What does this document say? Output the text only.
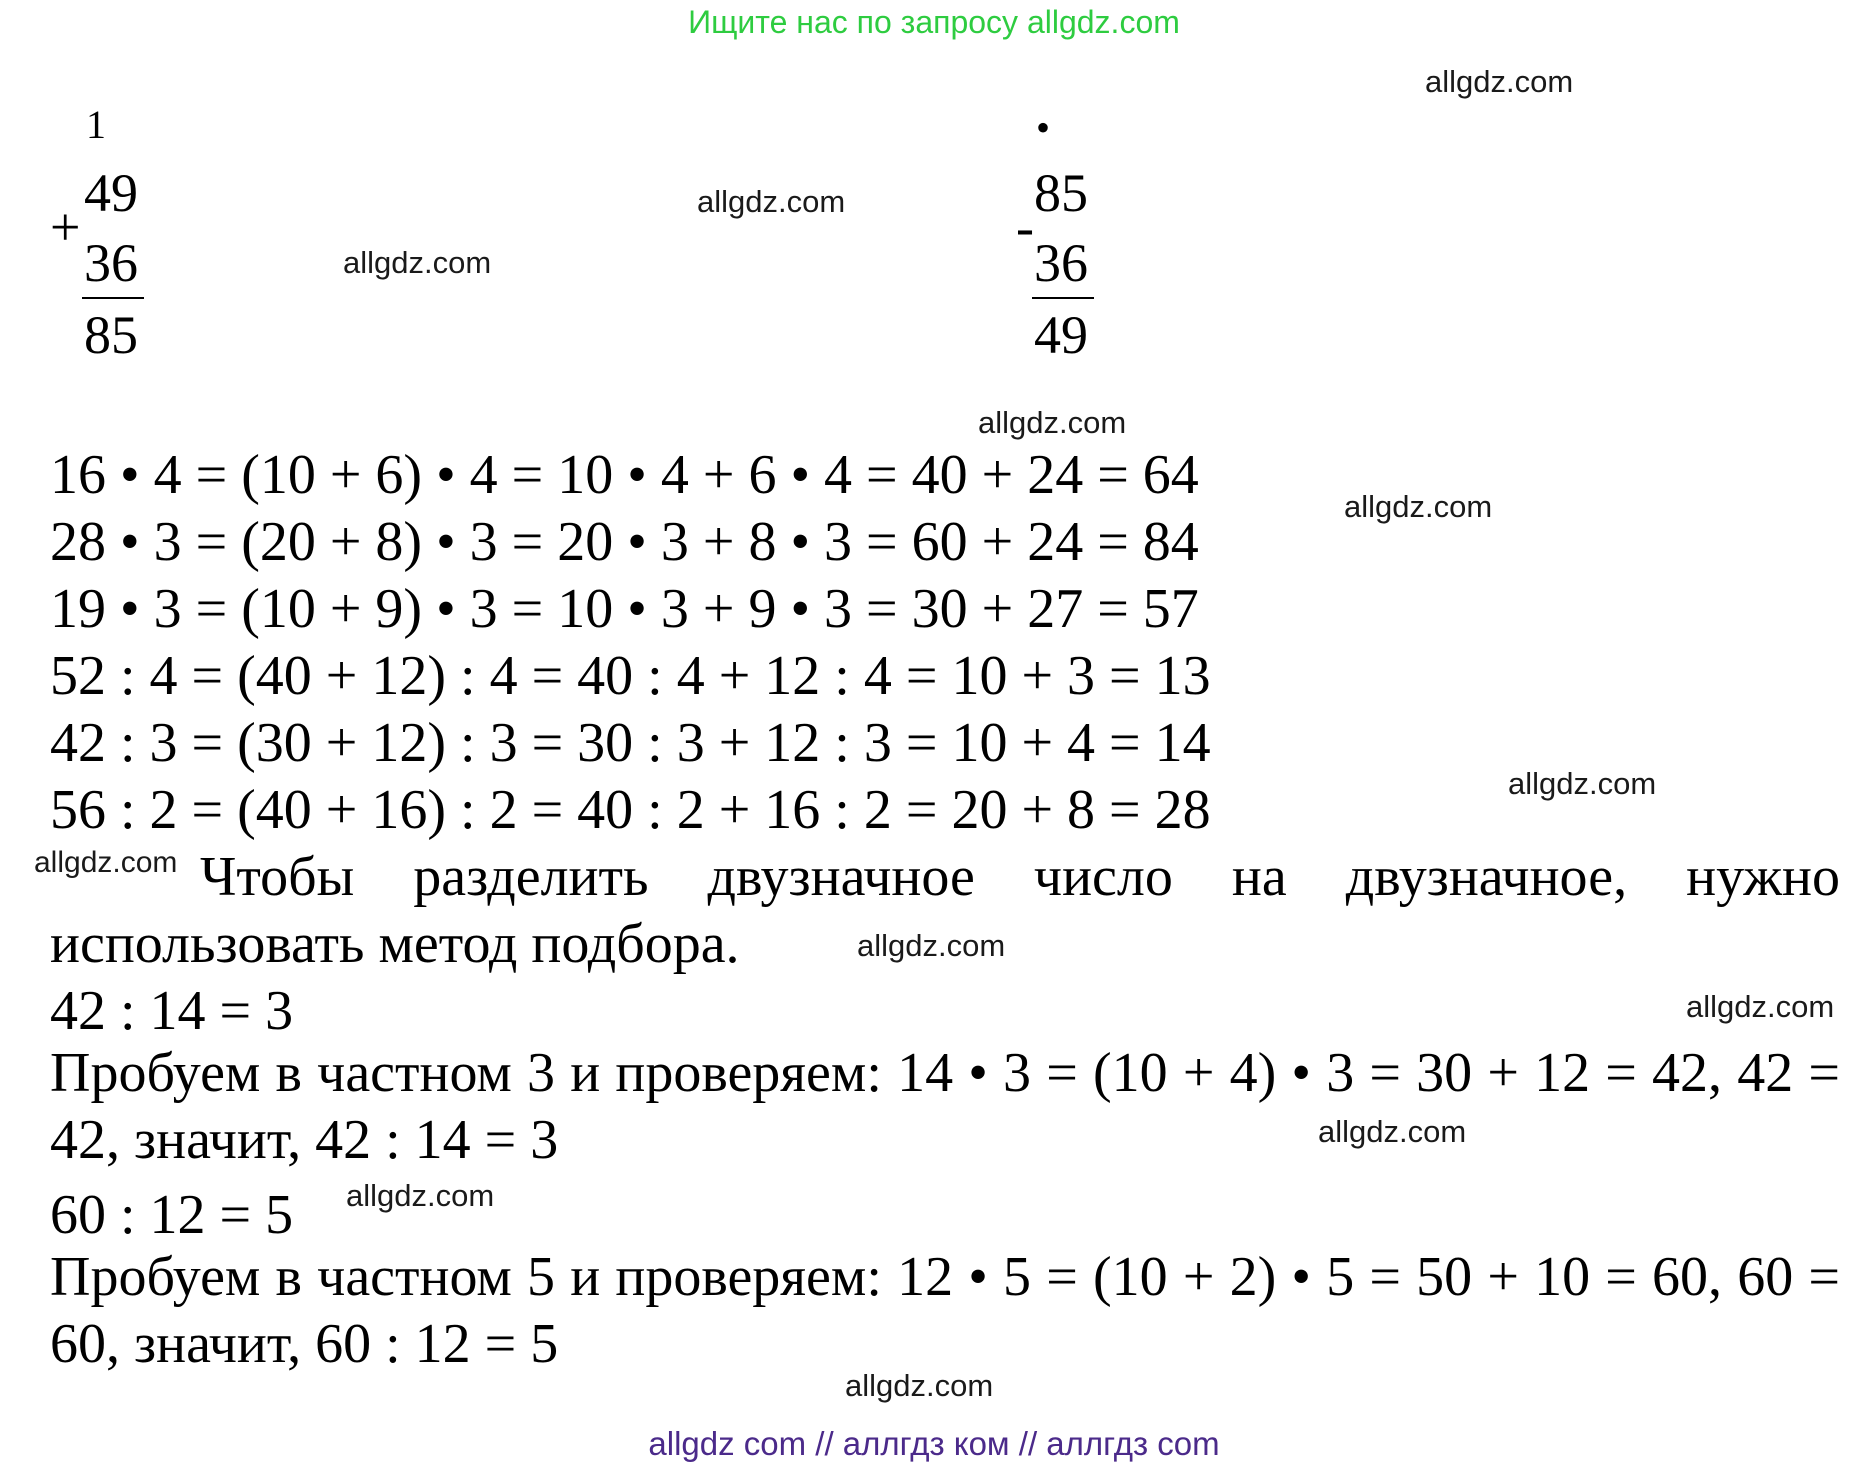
Ищите нас по запросу allgdz.com
1
+
49
36
85
•
-
85
36
49
16 • 4 = (10 + 6) • 4 = 10 • 4 + 6 • 4 = 40 + 24 = 64
28 • 3 = (20 + 8) • 3 = 20 • 3 + 8 • 3 = 60 + 24 = 84
19 • 3 = (10 + 9) • 3 = 10 • 3 + 9 • 3 = 30 + 27 = 57
52 : 4 = (40 + 12) : 4 = 40 : 4 + 12 : 4 = 10 + 3 = 13
42 : 3 = (30 + 12) : 3 = 30 : 3 + 12 : 3 = 10 + 4 = 14
56 : 2 = (40 + 16) : 2 = 40 : 2 + 16 : 2 = 20 + 8 = 28
Чтобы разделить двузначное число на двузначное, нужно использовать метод подбора.
42 : 14 = 3
Пробуем в частном 3 и проверяем: 14 • 3 = (10 + 4) • 3 = 30 + 12 = 42, 42 = 42, значит, 42 : 14 = 3
60 : 12 = 5
Пробуем в частном 5 и проверяем: 12 • 5 = (10 + 2) • 5 = 50 + 10 = 60, 60 = 60, значит, 60 : 12 = 5
allgdz.com
allgdz.com
allgdz.com
allgdz.com
allgdz.com
allgdz.com
allgdz.com
allgdz.com
allgdz.com
allgdz.com
allgdz.com
allgdz.com
allgdz com // аллгдз ком // аллгдз com
